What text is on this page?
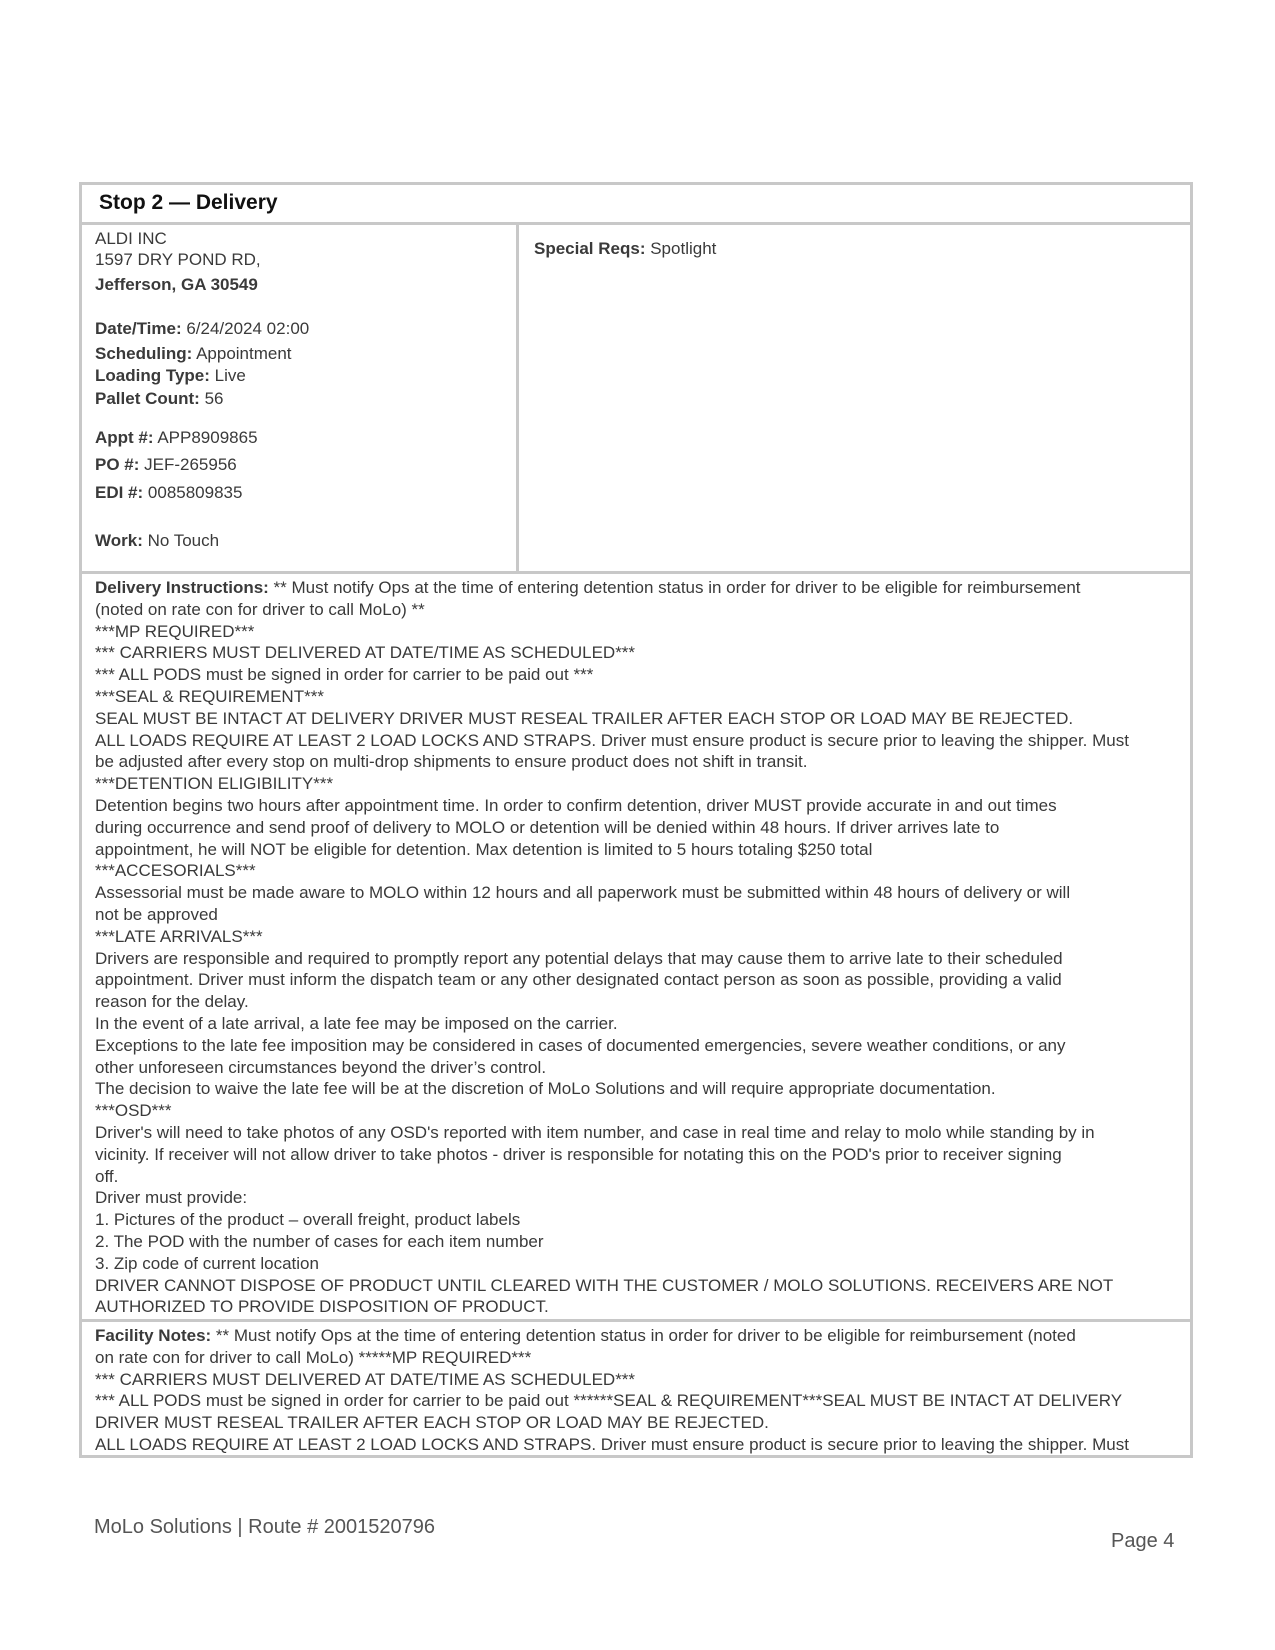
Stop 2 — Delivery
ALDI INC
1597 DRY POND RD,
Jefferson, GA 30549
Date/Time: 6/24/2024 02:00
Scheduling: Appointment
Loading Type: Live
Pallet Count: 56
Appt #: APP8909865
PO #: JEF-265956
EDI #: 0085809835
Work: No Touch
Special Reqs: Spotlight
Delivery Instructions: ** Must notify Ops at the time of entering detention status in order for driver to be eligible for reimbursement
(noted on rate con for driver to call MoLo) **
***MP REQUIRED***
*** CARRIERS MUST DELIVERED AT DATE/TIME AS SCHEDULED***
*** ALL PODS must be signed in order for carrier to be paid out ***
***SEAL & REQUIREMENT***
SEAL MUST BE INTACT AT DELIVERY DRIVER MUST RESEAL TRAILER AFTER EACH STOP OR LOAD MAY BE REJECTED.
ALL LOADS REQUIRE AT LEAST 2 LOAD LOCKS AND STRAPS. Driver must ensure product is secure prior to leaving the shipper. Must
be adjusted after every stop on multi-drop shipments to ensure product does not shift in transit.
***DETENTION ELIGIBILITY***
Detention begins two hours after appointment time. In order to confirm detention, driver MUST provide accurate in and out times
during occurrence and send proof of delivery to MOLO or detention will be denied within 48 hours. If driver arrives late to
appointment, he will NOT be eligible for detention. Max detention is limited to 5 hours totaling $250 total
***ACCESORIALS***
Assessorial must be made aware to MOLO within 12 hours and all paperwork must be submitted within 48 hours of delivery or will
not be approved
***LATE ARRIVALS***
Drivers are responsible and required to promptly report any potential delays that may cause them to arrive late to their scheduled
appointment. Driver must inform the dispatch team or any other designated contact person as soon as possible, providing a valid
reason for the delay.
In the event of a late arrival, a late fee may be imposed on the carrier.
Exceptions to the late fee imposition may be considered in cases of documented emergencies, severe weather conditions, or any
other unforeseen circumstances beyond the driver’s control.
The decision to waive the late fee will be at the discretion of MoLo Solutions and will require appropriate documentation.
***OSD***
Driver's will need to take photos of any OSD's reported with item number, and case in real time and relay to molo while standing by in
vicinity. If receiver will not allow driver to take photos - driver is responsible for notating this on the POD's prior to receiver signing
off.
Driver must provide:
1. Pictures of the product – overall freight, product labels
2. The POD with the number of cases for each item number
3. Zip code of current location
DRIVER CANNOT DISPOSE OF PRODUCT UNTIL CLEARED WITH THE CUSTOMER / MOLO SOLUTIONS. RECEIVERS ARE NOT
AUTHORIZED TO PROVIDE DISPOSITION OF PRODUCT.
Facility Notes: ** Must notify Ops at the time of entering detention status in order for driver to be eligible for reimbursement (noted
on rate con for driver to call MoLo) *****MP REQUIRED***
*** CARRIERS MUST DELIVERED AT DATE/TIME AS SCHEDULED***
*** ALL PODS must be signed in order for carrier to be paid out ******SEAL & REQUIREMENT***SEAL MUST BE INTACT AT DELIVERY
DRIVER MUST RESEAL TRAILER AFTER EACH STOP OR LOAD MAY BE REJECTED.
ALL LOADS REQUIRE AT LEAST 2 LOAD LOCKS AND STRAPS. Driver must ensure product is secure prior to leaving the shipper. Must
MoLo Solutions | Route # 2001520796
Page 4
